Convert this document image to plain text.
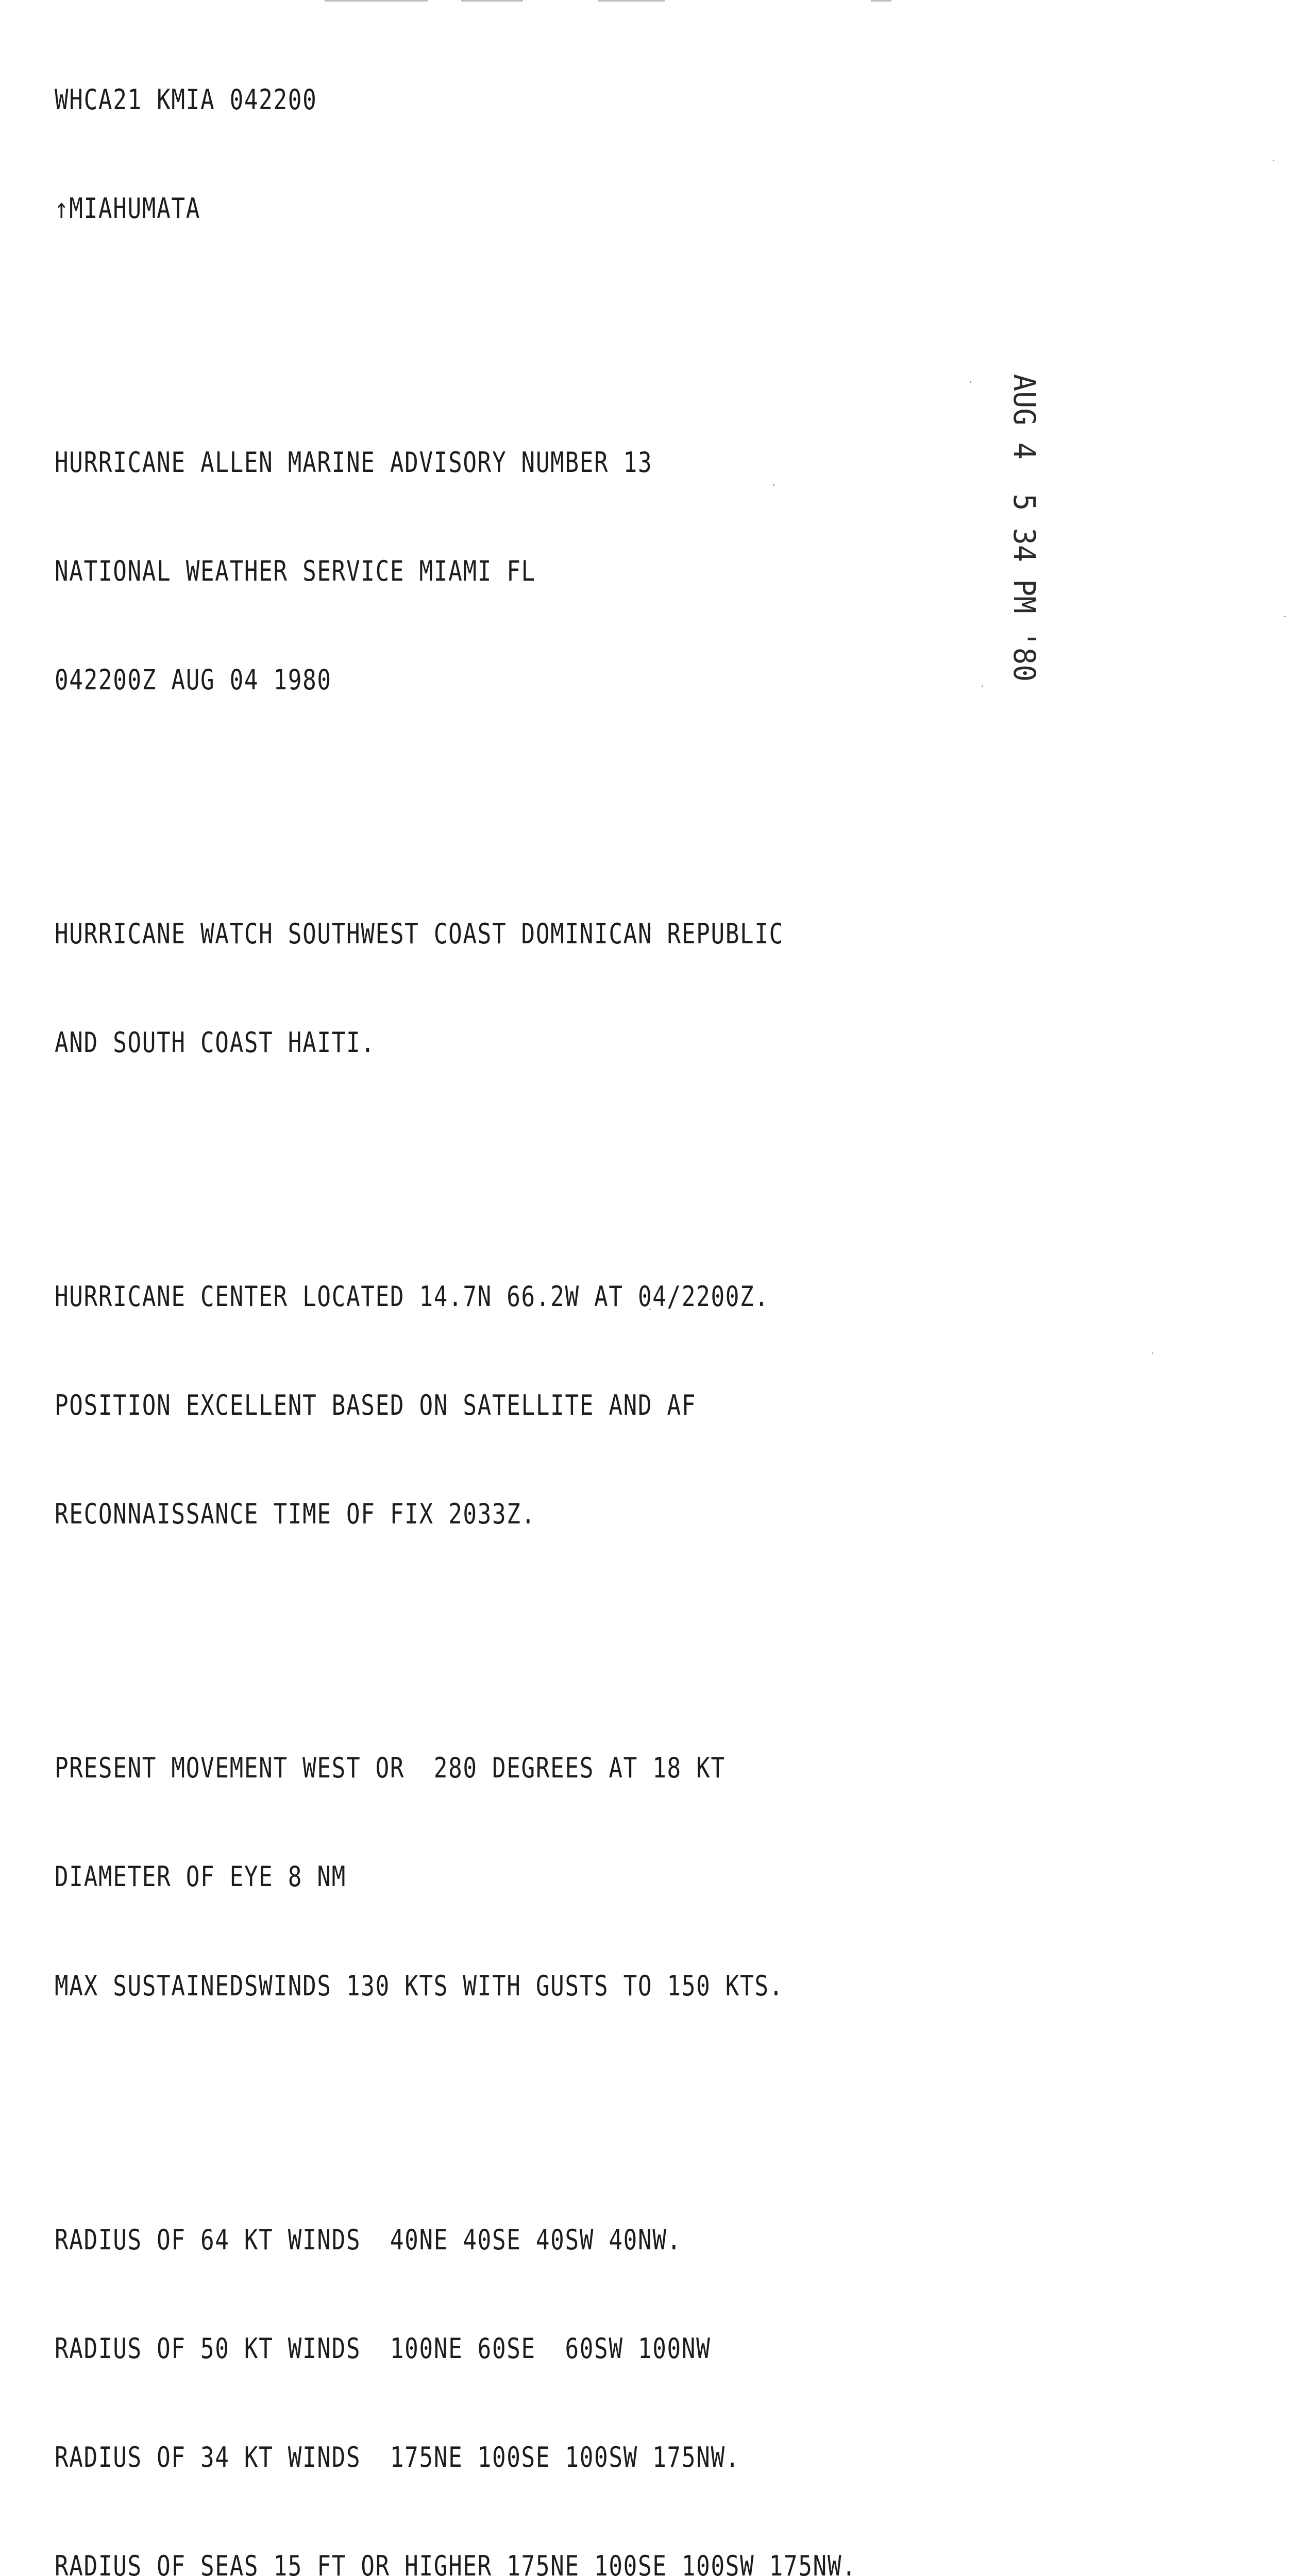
WHCA21 KMIA 042200

↑MIAHUMATA

HURRICANE ALLEN MARINE ADVISORY NUMBER 13

NATIONAL WEATHER SERVICE MIAMI FL

042200Z AUG 04 1980

HURRICANE WATCH SOUTHWEST COAST DOMINICAN REPUBLIC

AND SOUTH COAST HAITI.

HURRICANE CENTER LOCATED 14.7N 66.2W AT 04/2200Z.

POSITION EXCELLENT BASED ON SATELLITE AND AF

RECONNAISSANCE TIME OF FIX 2033Z.

PRESENT MOVEMENT WEST OR  280 DEGREES AT 18 KT

DIAMETER OF EYE 8 NM

MAX SUSTAINEDSWINDS 130 KTS WITH GUSTS TO 150 KTS.

RADIUS OF 64 KT WINDS  40NE 40SE 40SW 40NW.

RADIUS OF 50 KT WINDS  100NE 60SE  60SW 100NW

RADIUS OF 34 KT WINDS  175NE 100SE 100SW 175NW.

RADIUS OF SEAS 15 FT OR HIGHER 175NE 100SE 100SW 175NW.

AUG 4  5 34 PM '80
